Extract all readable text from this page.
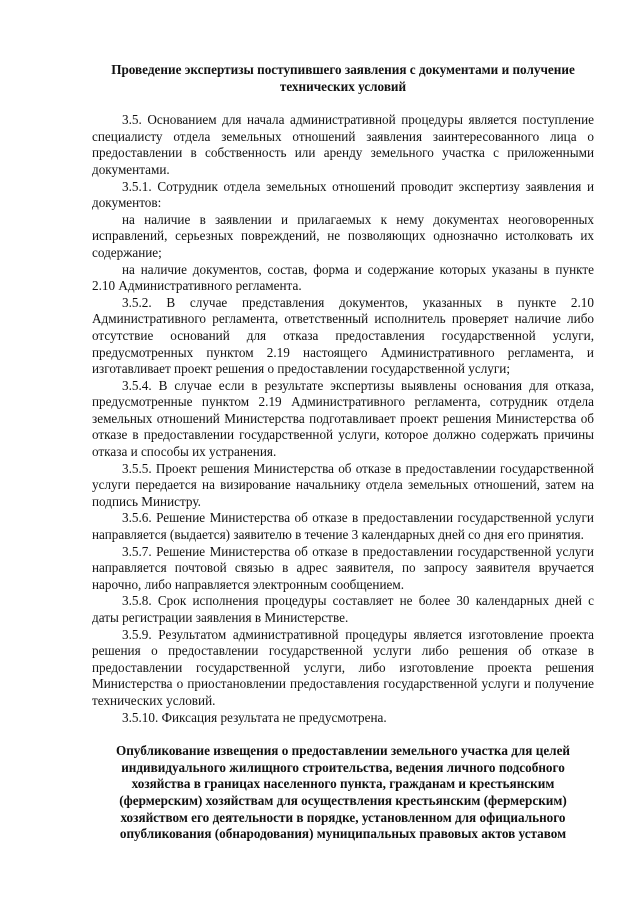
Проведение экспертизы поступившего заявления с документами и получение технических условий

3.5. Основанием для начала административной процедуры является поступление специалисту отдела земельных отношений заявления заинтересованного лица о предоставлении в собственность или аренду земельного участка с приложенными документами.

3.5.1. Сотрудник отдела земельных отношений проводит экспертизу заявления и документов:

на наличие в заявлении и прилагаемых к нему документах неоговоренных исправлений, серьезных повреждений, не позволяющих однозначно истолковать их содержание;

на наличие документов, состав, форма и содержание которых указаны в пункте 2.10 Административного регламента.

3.5.2. В случае представления документов, указанных в пункте 2.10 Административного регламента, ответственный исполнитель проверяет наличие либо отсутствие оснований для отказа предоставления государственной услуги, предусмотренных пунктом 2.19 настоящего Административного регламента, и изготавливает проект решения о предоставлении государственной услуги;

3.5.4. В случае если в результате экспертизы выявлены основания для отказа, предусмотренные пунктом 2.19 Административного регламента, сотрудник отдела земельных отношений Министерства подготавливает проект решения Министерства об отказе в предоставлении государственной услуги, которое должно содержать причины отказа и способы их устранения.

3.5.5. Проект решения Министерства об отказе в предоставлении государственной услуги передается на визирование начальнику отдела земельных отношений, затем на подпись Министру.

3.5.6. Решение Министерства об отказе в предоставлении государственной услуги направляется (выдается) заявителю в течение 3 календарных дней со дня его принятия.

3.5.7. Решение Министерства об отказе в предоставлении государственной услуги направляется почтовой связью в адрес заявителя, по запросу заявителя вручается нарочно, либо направляется электронным сообщением.

3.5.8. Срок исполнения процедуры составляет не более 30 календарных дней с даты регистрации заявления в Министерстве.

3.5.9. Результатом административной процедуры является изготовление проекта решения о предоставлении государственной услуги либо решения об отказе в предоставлении государственной услуги, либо изготовление проекта решения Министерства о приостановлении предоставления государственной услуги и получение технических условий.

3.5.10. Фиксация результата не предусмотрена.

Опубликование извещения о предоставлении земельного участка для целей индивидуального жилищного строительства, ведения личного подсобного хозяйства в границах населенного пункта, гражданам и крестьянским (фермерским) хозяйствам для осуществления крестьянским (фермерским) хозяйством его деятельности в порядке, установленном для официального опубликования (обнародования) муниципальных правовых актов уставом
